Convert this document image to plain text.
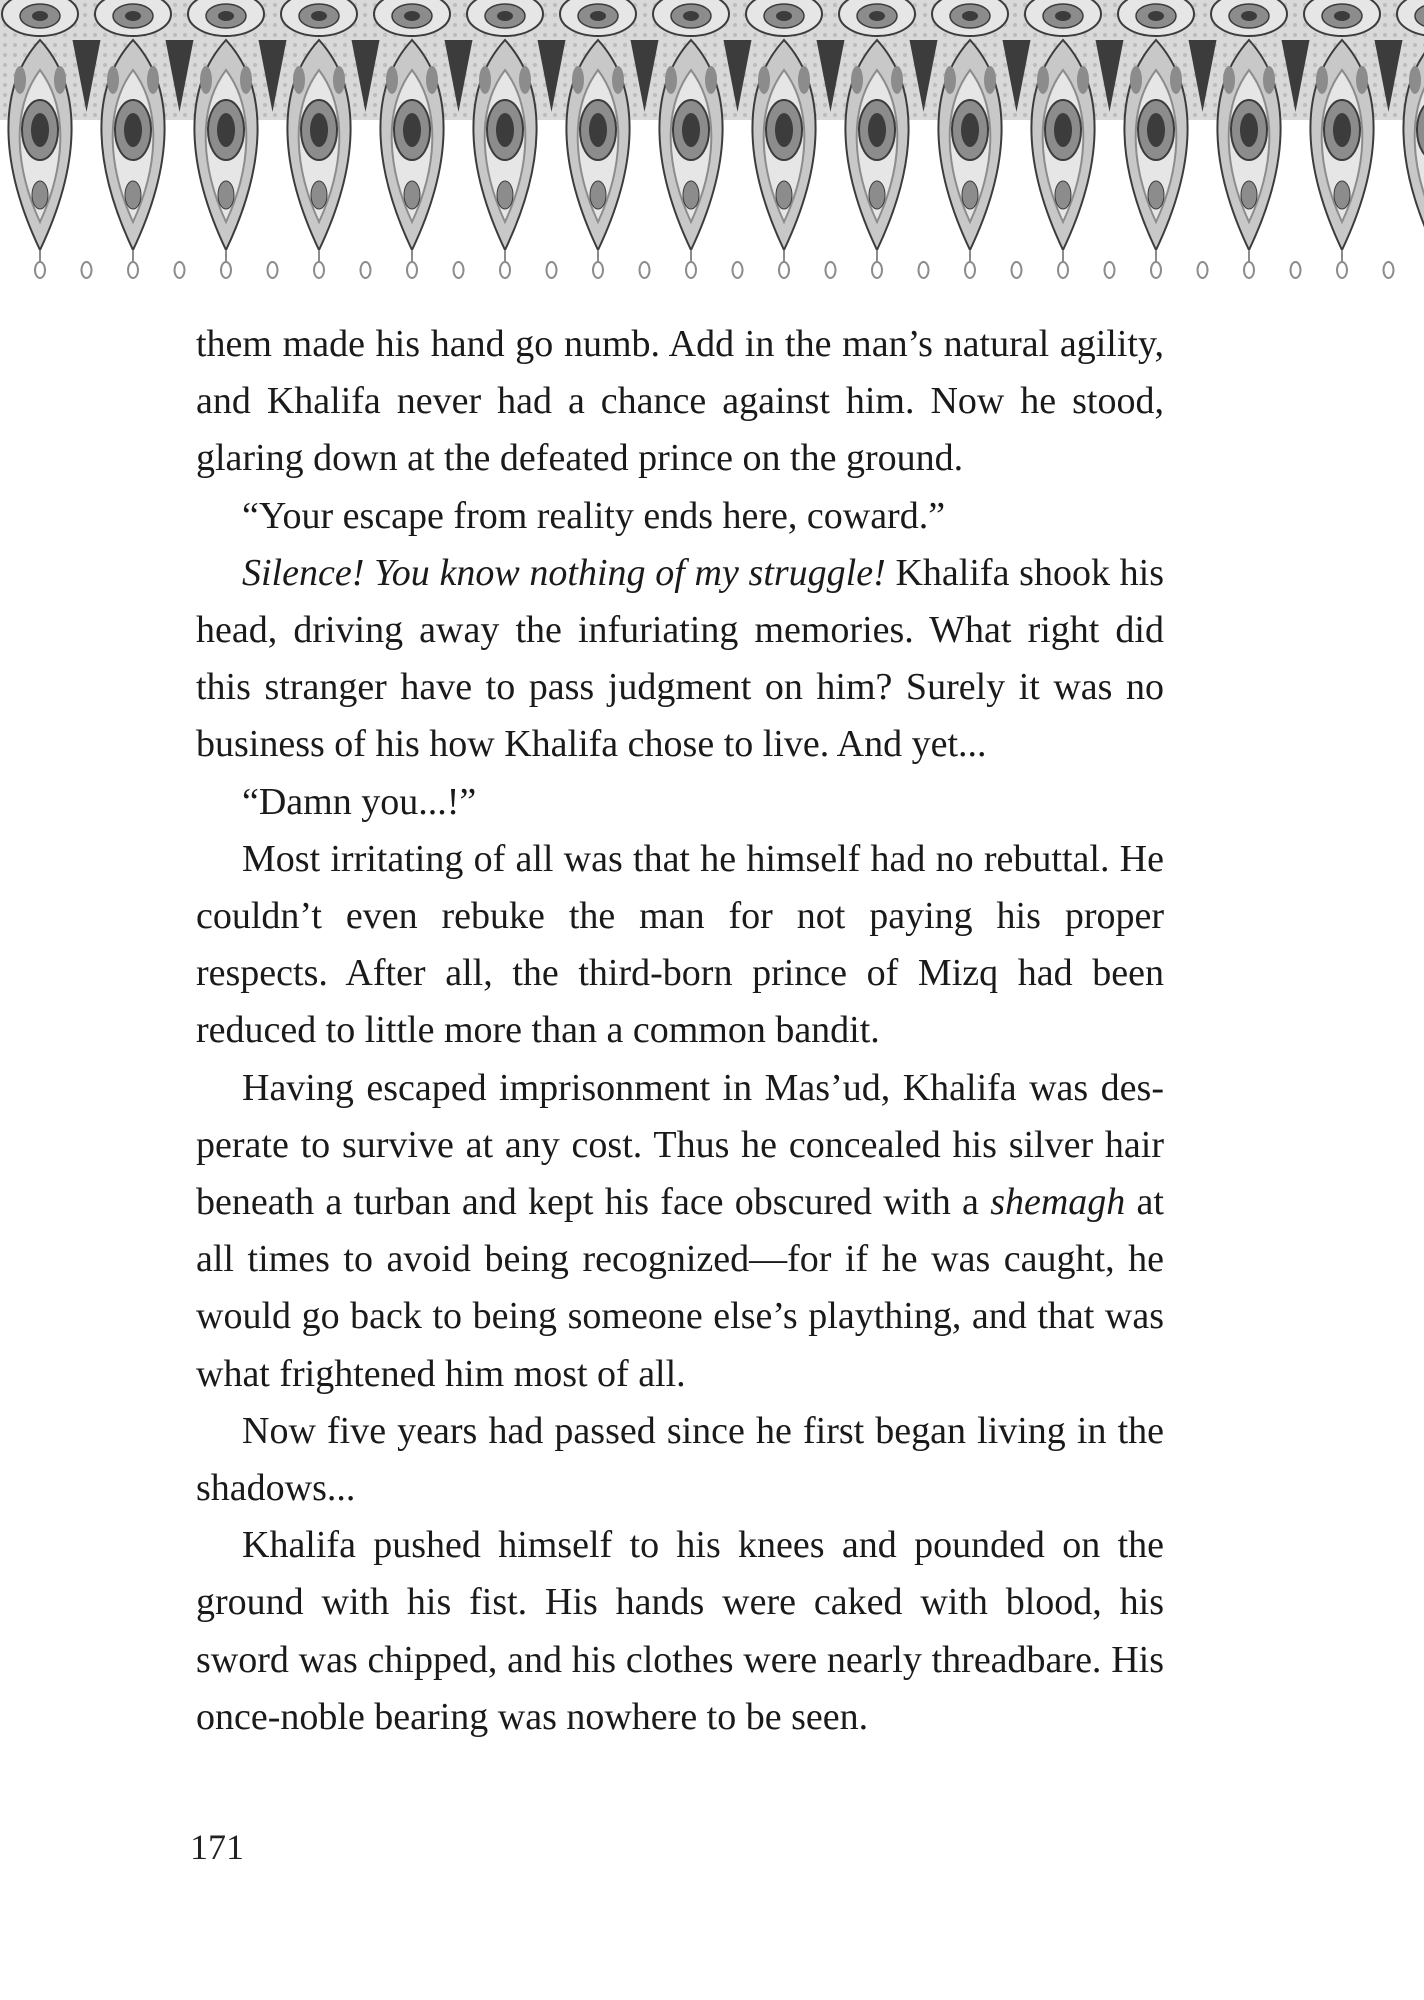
them made his hand go numb. Add in the man’s natural agility, and Khalifa never had a chance against him. Now he stood, glaring down at the defeated prince on the ground.

“Your escape from reality ends here, coward.”

Silence! You know nothing of my struggle! Khalifa shook his head, driving away the infuriating memories. What right did this stranger have to pass judgment on him? Surely it was no business of his how Khalifa chose to live. And yet...

“Damn you...!”

Most irritating of all was that he himself had no rebuttal. He couldn’t even rebuke the man for not paying his proper respects. After all, the third-born prince of Mizq had been reduced to little more than a common bandit.

Having escaped imprisonment in Mas’ud, Khalifa was desperate to survive at any cost. Thus he concealed his silver hair beneath a turban and kept his face obscured with a shemagh at all times to avoid being recognized—for if he was caught, he would go back to being someone else’s plaything, and that was what frightened him most of all.

Now five years had passed since he first began living in the shadows...

Khalifa pushed himself to his knees and pounded on the ground with his fist. His hands were caked with blood, his sword was chipped, and his clothes were nearly threadbare. His once-noble bearing was nowhere to be seen.

171
